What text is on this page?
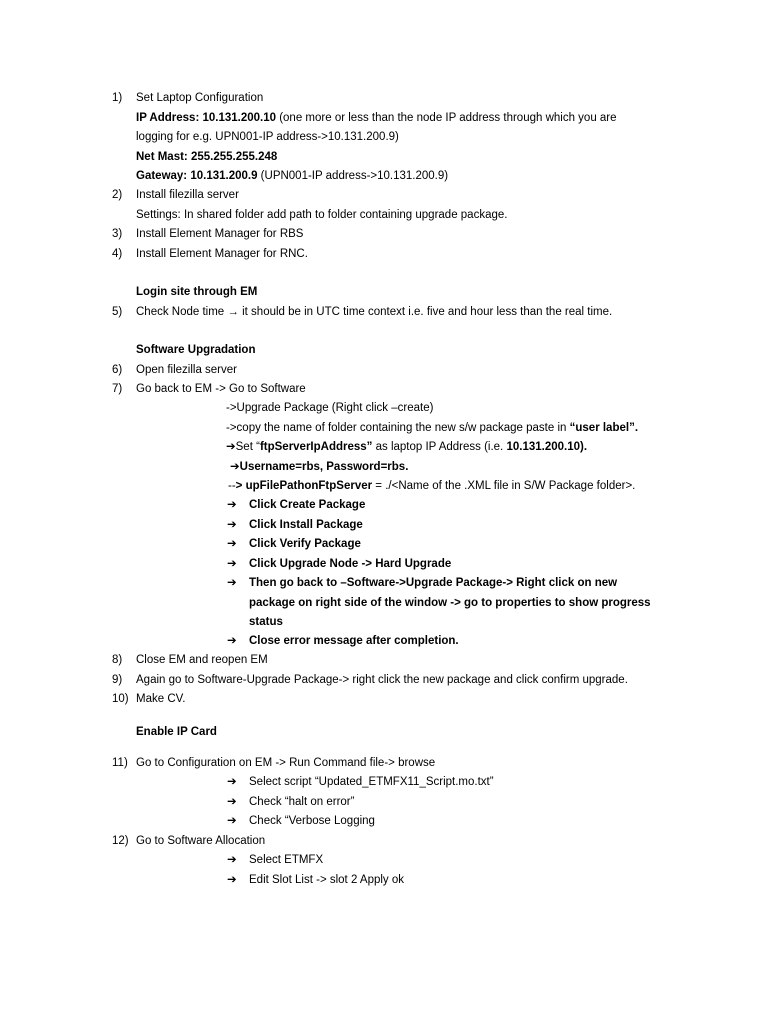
1) Set Laptop Configuration
IP Address: 10.131.200.10 (one more or less than the node IP address through which you are
logging for e.g. UPN001-IP address->10.131.200.9)
Net Mast: 255.255.255.248
Gateway: 10.131.200.9 (UPN001-IP address->10.131.200.9)
2) Install filezilla server
Settings: In shared folder add path to folder containing upgrade package.
3) Install Element Manager for RBS
4) Install Element Manager for RNC.
Login site through EM
5) Check Node time → it should be in UTC time context i.e. five and hour less than the real time.
Software Upgradation
6) Open filezilla server
7) Go back to EM -> Go to Software
->Upgrade Package (Right click –create)
->copy the name of folder containing the new s/w package paste in “user label”.
➔Set “ftpServerIpAddress” as laptop IP Address (i.e. 10.131.200.10).
➔Username=rbs, Password=rbs.
--> upFilePathonFtpServer = ./<Name of the .XML file in S/W Package folder>.
➔ Click Create Package
➔ Click Install Package
➔ Click Verify Package
➔ Click Upgrade Node -> Hard Upgrade
➔ Then go back to –Software->Upgrade Package-> Right click on new
package on right side of the window -> go to properties to show progress
status
➔ Close error message after completion.
8) Close EM and reopen EM
9) Again go to Software-Upgrade Package-> right click the new package and click confirm upgrade.
10) Make CV.
Enable IP Card
11) Go to Configuration on EM -> Run Command file-> browse
➔ Select script “Updated_ETMFX11_Script.mo.txt”
➔ Check “halt on error”
➔ Check “Verbose Logging
12) Go to Software Allocation
➔ Select ETMFX
➔ Edit Slot List -> slot 2 Apply ok
